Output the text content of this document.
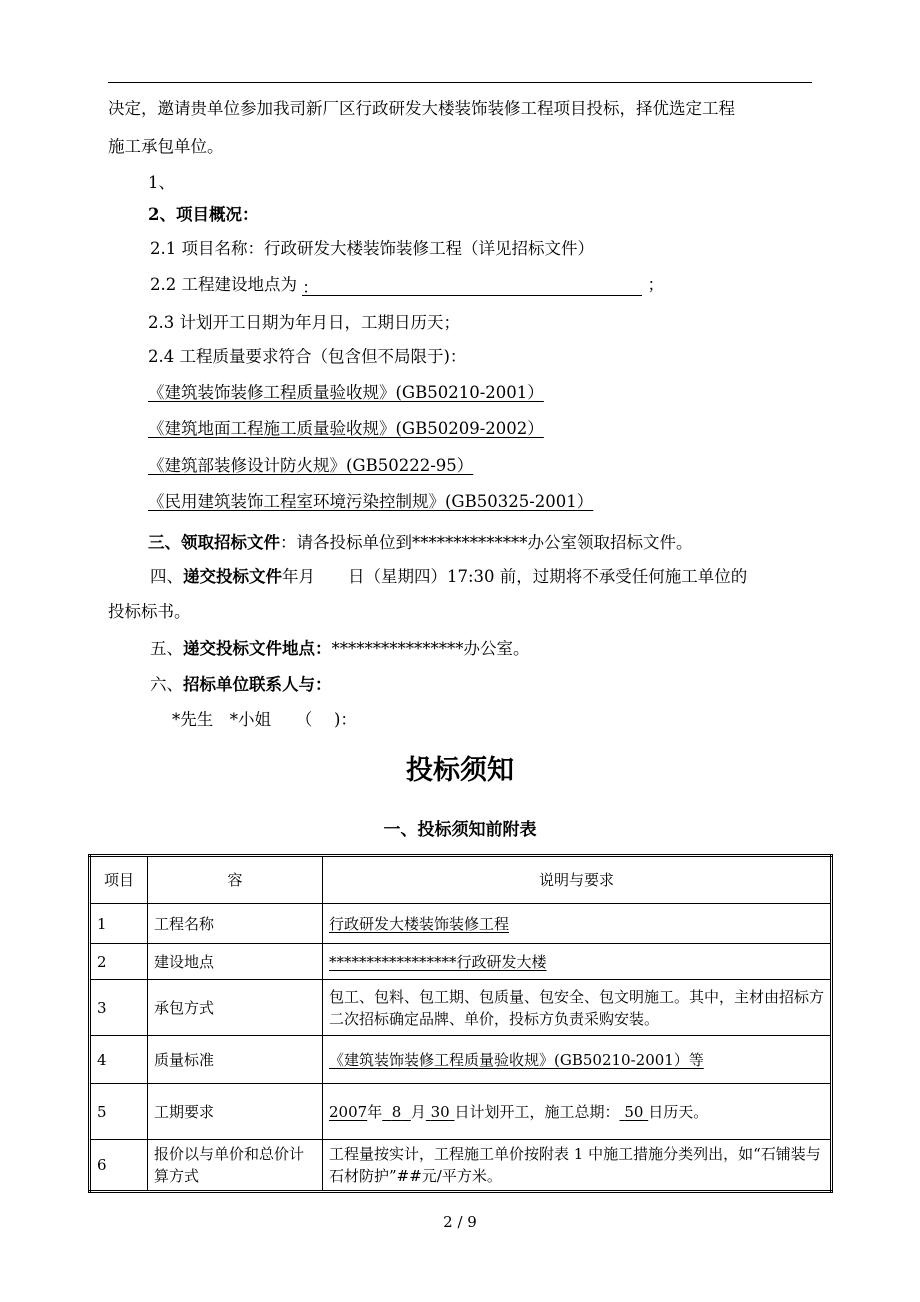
决定，邀请贵单位参加我司新厂区行政研发大楼装饰装修工程项目投标，择优选定工程
施工承包单位。
1、
2、项目概况：
2.1 项目名称：行政研发大楼装饰装修工程（详见招标文件）
2.2 工程建设地点为 ：	；
2.3 计划开工日期为年月日，工期日历天；
2.4 工程质量要求符合（包含但不局限于)：
《建筑装饰装修工程质量验收规》(GB50210-2001）
《建筑地面工程施工质量验收规》(GB50209-2002）
《建筑部装修设计防火规》(GB50222-95）
《民用建筑装饰工程室环境污染控制规》(GB50325-2001）
三、领取招标文件：请各投标单位到**************办公室领取招标文件。
四、递交投标文件年月　　日（星期四）17:30 前，过期将不承受任何施工单位的
投标标书。
五、递交投标文件地点：****************办公室。
六、招标单位联系人与：
*先生　*小姐　　（　 )：
投标须知
一、投标须知前附表
项目	容	说明与要求
1	工程名称	行政研发大楼装饰装修工程
2	建设地点	*****************行政研发大楼
3	承包方式	包工、包料、包工期、包质量、包安全、包文明施工。其中，主材由招标方二次招标确定品牌、单价，投标方负责采购安装。
4	质量标准	《建筑装饰装修工程质量验收规》(GB50210-2001）等
5	工期要求	2007年 8 月 30 日计划开工，施工总期： 50 日历天。
6	报价以与单价和总价计算方式	工程量按实计，工程施工单价按附表 1 中施工措施分类列出，如“石铺装与石材防护”##元/平方米。
2 / 9
